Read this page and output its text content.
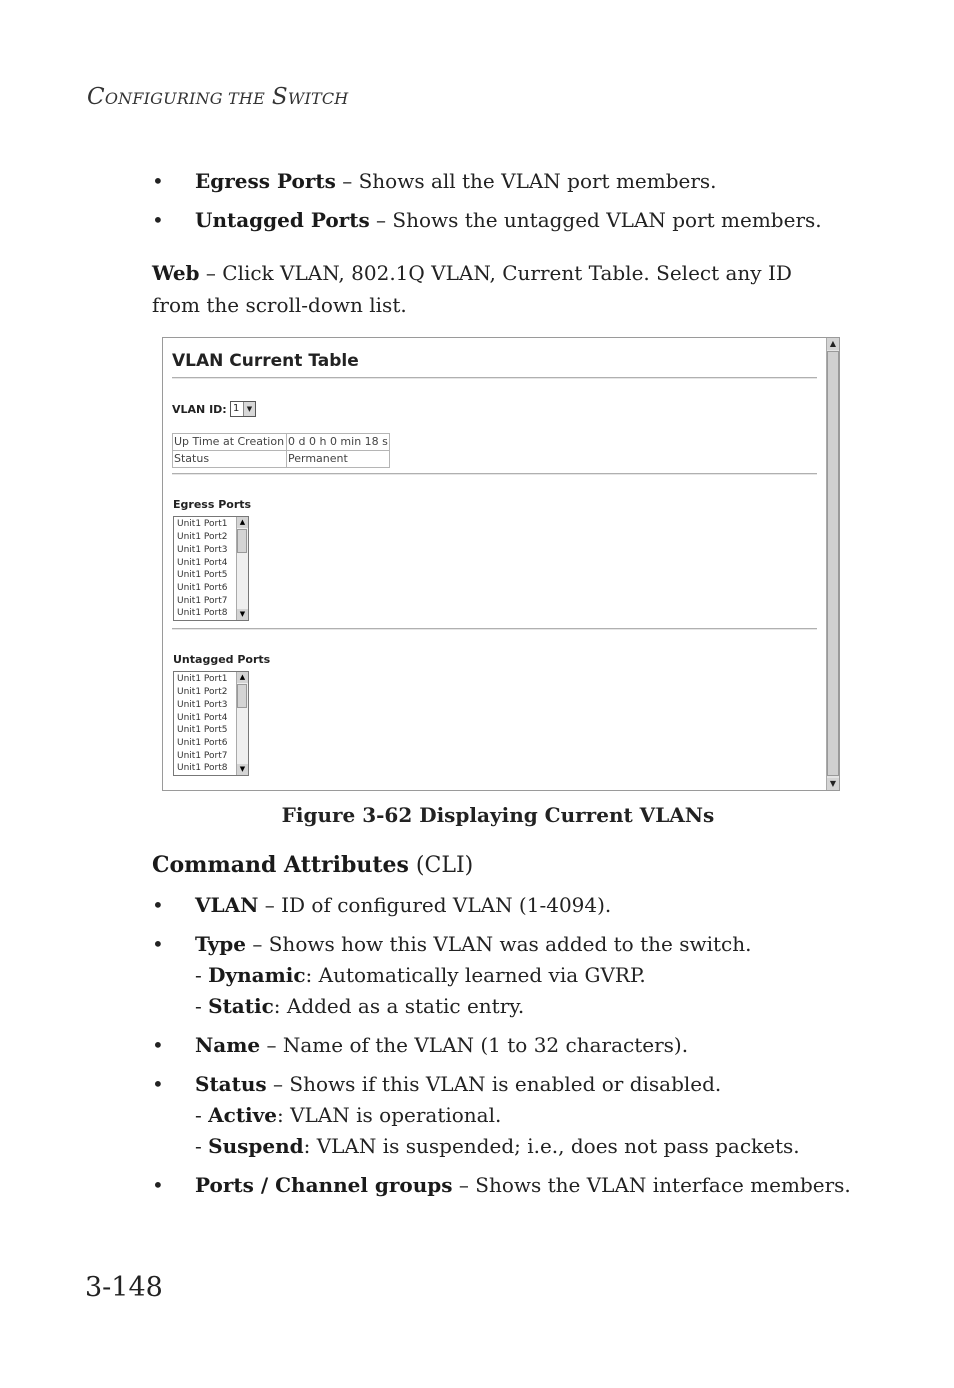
CONFIGURING THE SWITCH
• Egress Ports – Shows all the VLAN port members.
• Untagged Ports – Shows the untagged VLAN port members.
Web – Click VLAN, 802.1Q VLAN, Current Table. Select any ID from the scroll-down list.
VLAN Current Table
VLAN ID: 1	▼
Up Time at Creation	0 d 0 h 0 min 18 s
Status	Permanent
Egress Ports
Unit1 Port1
Unit1 Port2
Unit1 Port3
Unit1 Port4
Unit1 Port5
Unit1 Port6
Unit1 Port7
Unit1 Port8
▲
▼
Untagged Ports
Unit1 Port1
Unit1 Port2
Unit1 Port3
Unit1 Port4
Unit1 Port5
Unit1 Port6
Unit1 Port7
Unit1 Port8
▲
▼
▲
▼
Figure 3-62 Displaying Current VLANs
Command Attributes (CLI)
• VLAN – ID of configured VLAN (1-4094).
• Type – Shows how this VLAN was added to the switch.
- Dynamic: Automatically learned via GVRP.
- Static: Added as a static entry.
• Name – Name of the VLAN (1 to 32 characters).
• Status – Shows if this VLAN is enabled or disabled.
- Active: VLAN is operational.
- Suspend: VLAN is suspended; i.e., does not pass packets.
• Ports / Channel groups – Shows the VLAN interface members.
3-148
